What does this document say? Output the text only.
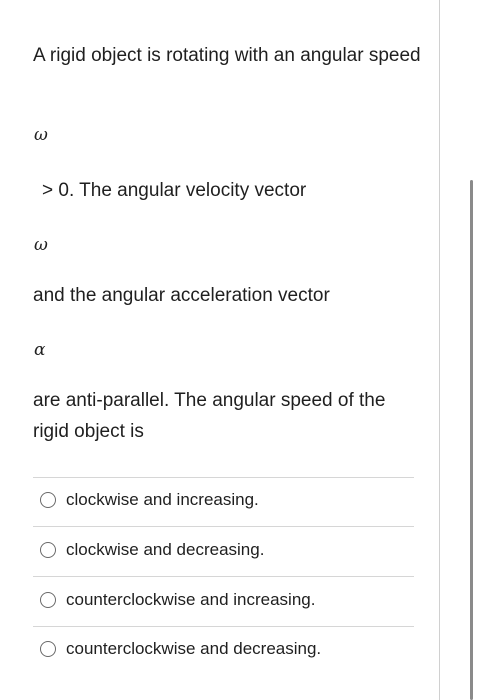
A rigid object is rotating with an angular speed
ω
> 0. The angular velocity vector
ω
and the angular acceleration vector
α
are anti-parallel. The angular speed of the rigid object is
clockwise and increasing.
clockwise and decreasing.
counterclockwise and increasing.
counterclockwise and decreasing.
